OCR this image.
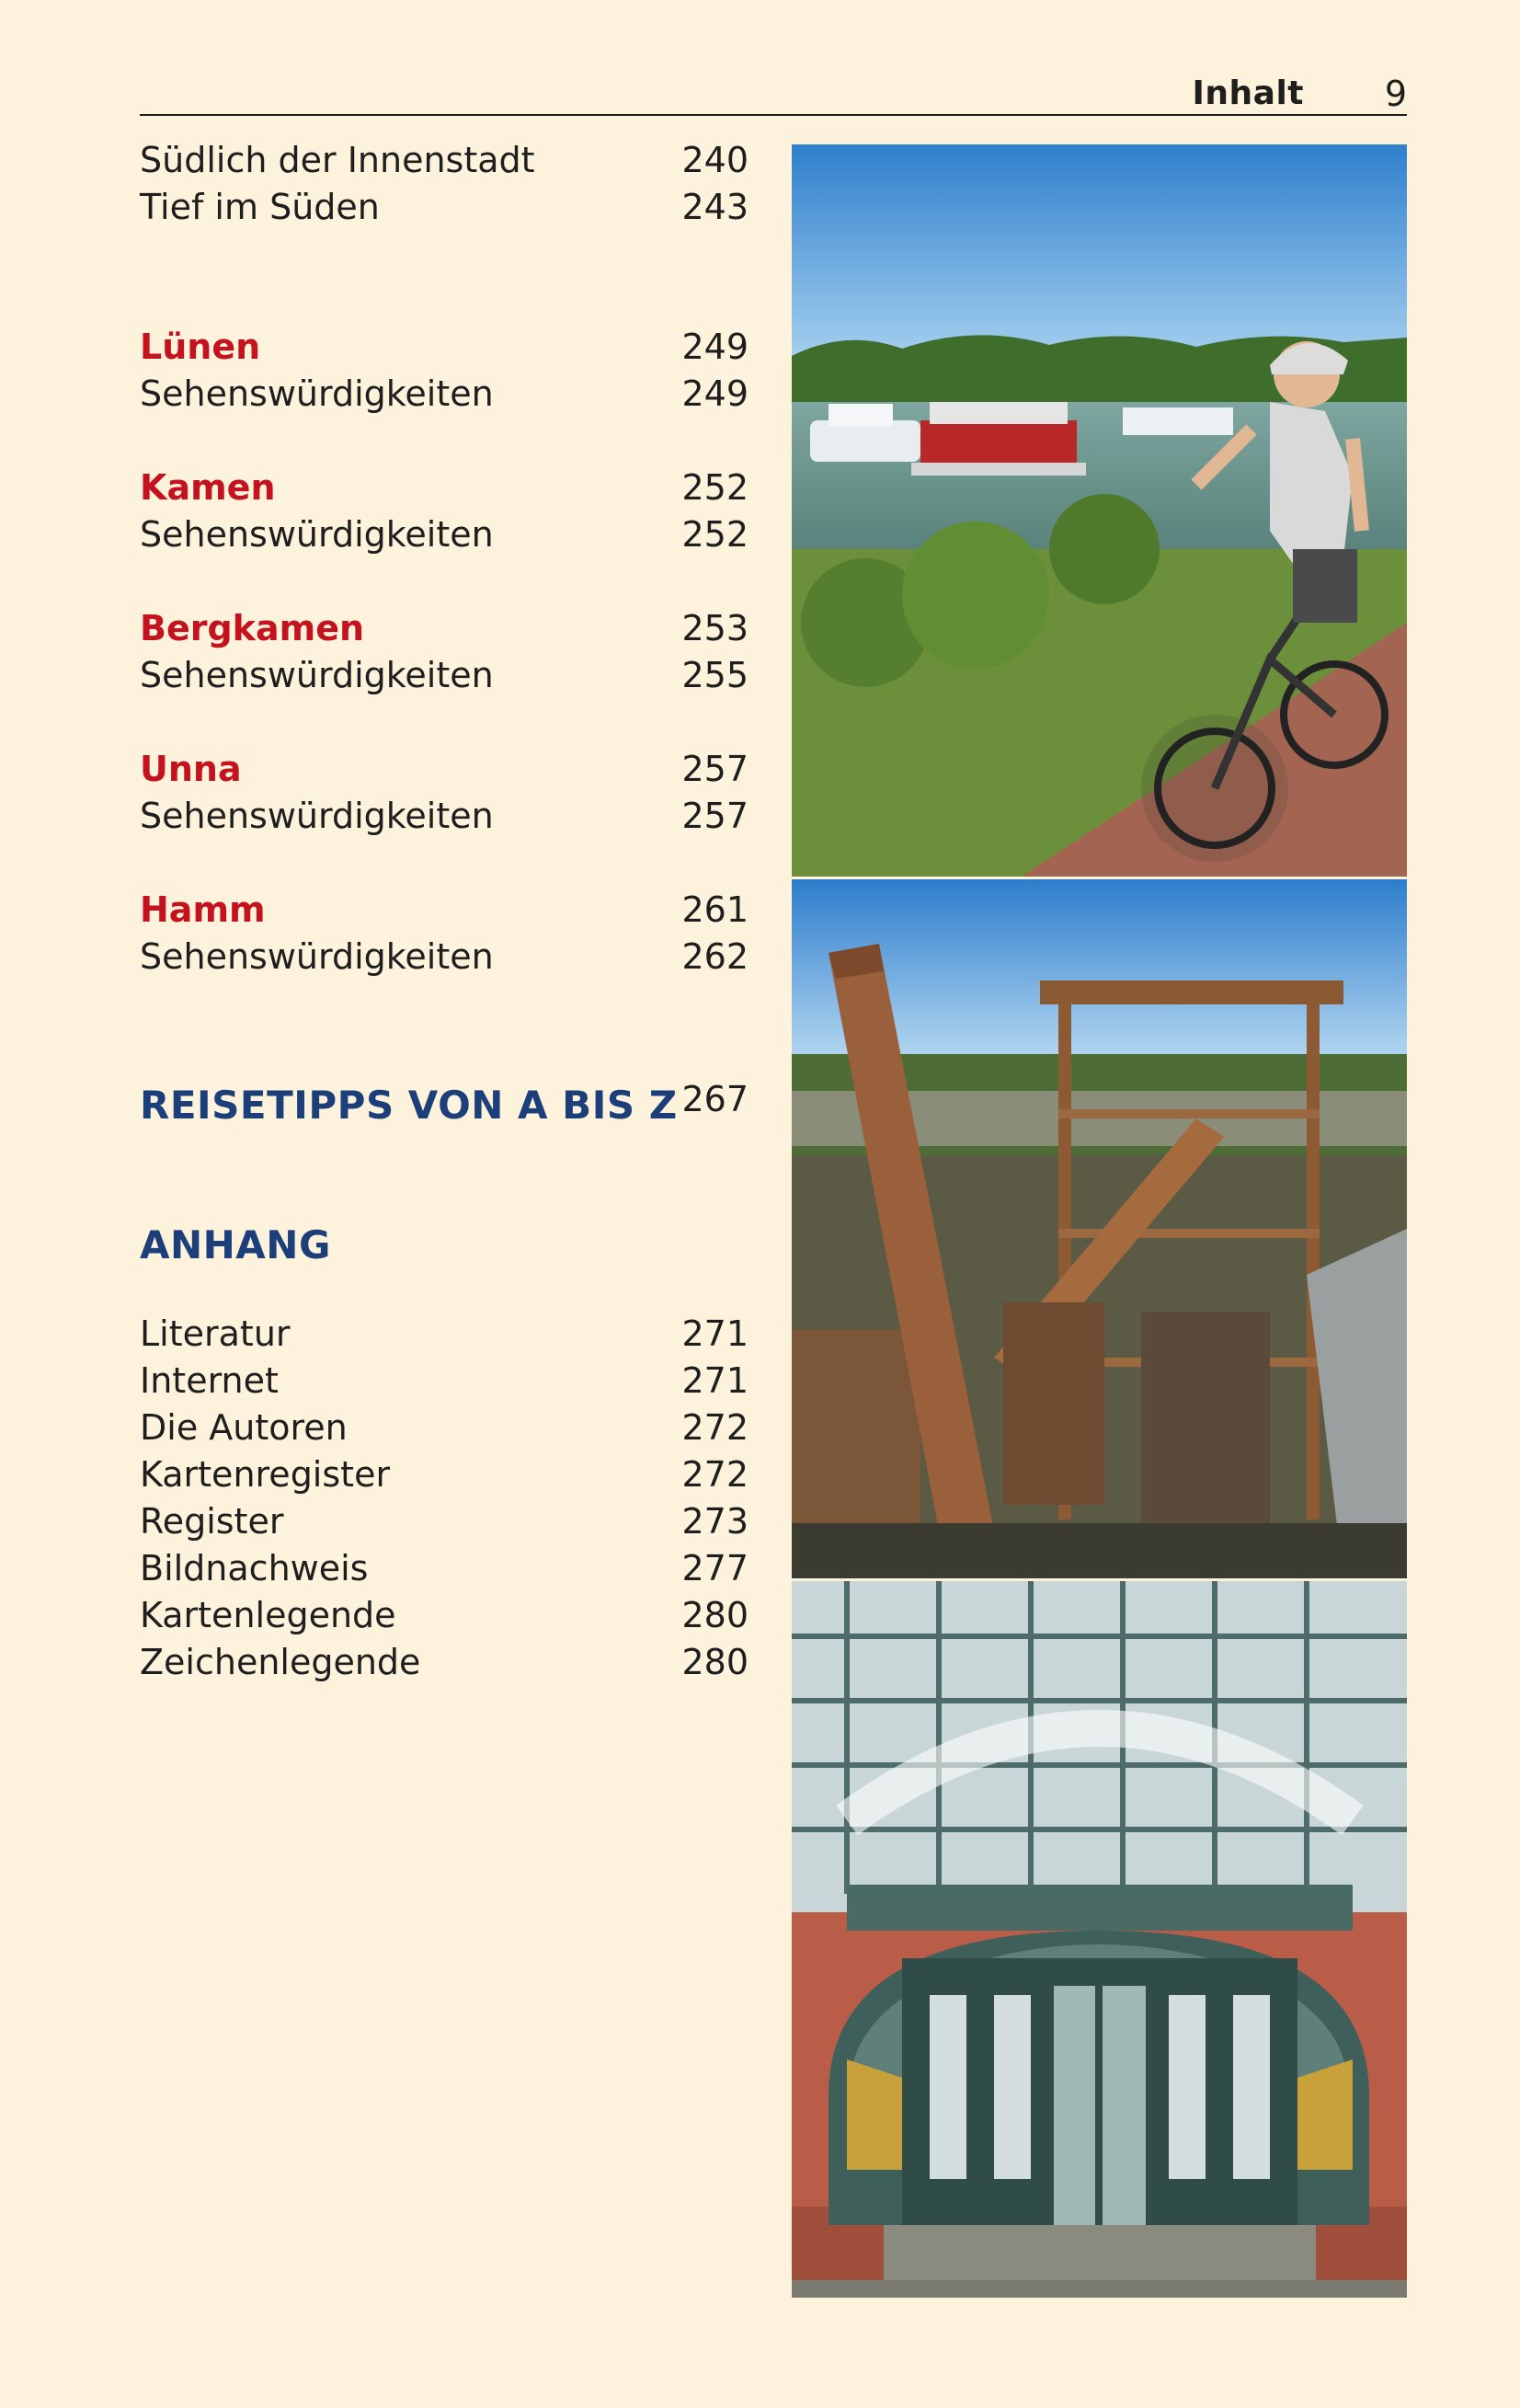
Inhalt 9
Südlich der Innenstadt	240
Tief im Süden	243
Lünen	249
Sehenswürdigkeiten	249
Kamen	252
Sehenswürdigkeiten	252
Bergkamen	253
Sehenswürdigkeiten	255
Unna	257
Sehenswürdigkeiten	257
Hamm	261
Sehenswürdigkeiten	262
REISETIPPS VON A BIS Z 267
ANHANG
Literatur	271
Internet	271
Die Autoren	272
Kartenregister	272
Register	273
Bildnachweis	277
Kartenlegende	280
Zeichenlegende	280
